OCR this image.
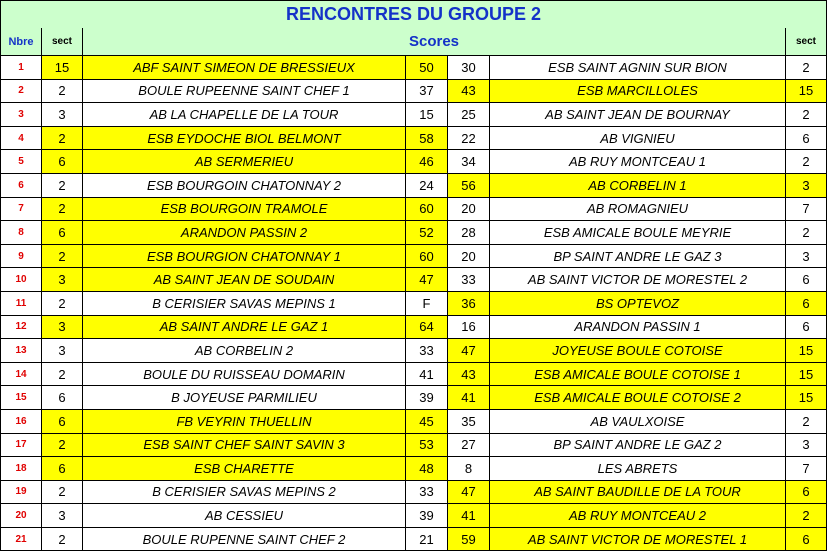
RENCONTRES DU GROUPE 2						
Nbre	sect	Scores				sect
1	15	ABF SAINT SIMEON DE BRESSIEUX	50	30	ESB SAINT AGNIN SUR BION	2
2	2	BOULE RUPEENNE SAINT CHEF 1	37	43	ESB MARCILLOLES	15
3	3	AB LA CHAPELLE DE LA TOUR	15	25	AB SAINT JEAN DE BOURNAY	2
4	2	ESB EYDOCHE BIOL BELMONT	58	22	AB VIGNIEU	6
5	6	AB SERMERIEU	46	34	AB RUY MONTCEAU 1	2
6	2	ESB BOURGOIN CHATONNAY 2	24	56	AB CORBELIN 1	3
7	2	ESB BOURGOIN TRAMOLE	60	20	AB ROMAGNIEU	7
8	6	ARANDON PASSIN 2	52	28	ESB AMICALE BOULE MEYRIE	2
9	2	ESB BOURGION CHATONNAY 1	60	20	BP SAINT ANDRE LE GAZ 3	3
10	3	AB SAINT JEAN DE SOUDAIN	47	33	AB SAINT VICTOR DE MORESTEL 2	6
11	2	B CERISIER SAVAS MEPINS 1	F	36	BS OPTEVOZ	6
12	3	AB SAINT ANDRE LE GAZ 1	64	16	ARANDON PASSIN 1	6
13	3	AB CORBELIN 2	33	47	JOYEUSE BOULE COTOISE	15
14	2	BOULE DU RUISSEAU DOMARIN	41	43	ESB AMICALE BOULE COTOISE 1	15
15	6	B JOYEUSE PARMILIEU	39	41	ESB AMICALE BOULE COTOISE 2	15
16	6	FB VEYRIN THUELLIN	45	35	AB VAULXOISE	2
17	2	ESB SAINT CHEF SAINT SAVIN 3	53	27	BP SAINT ANDRE LE GAZ 2	3
18	6	ESB CHARETTE	48	8	LES ABRETS	7
19	2	B CERISIER SAVAS MEPINS 2	33	47	AB SAINT BAUDILLE DE LA TOUR	6
20	3	AB CESSIEU	39	41	AB RUY MONTCEAU 2	2
21	2	BOULE RUPENNE SAINT CHEF 2	21	59	AB SAINT VICTOR DE MORESTEL 1	6
